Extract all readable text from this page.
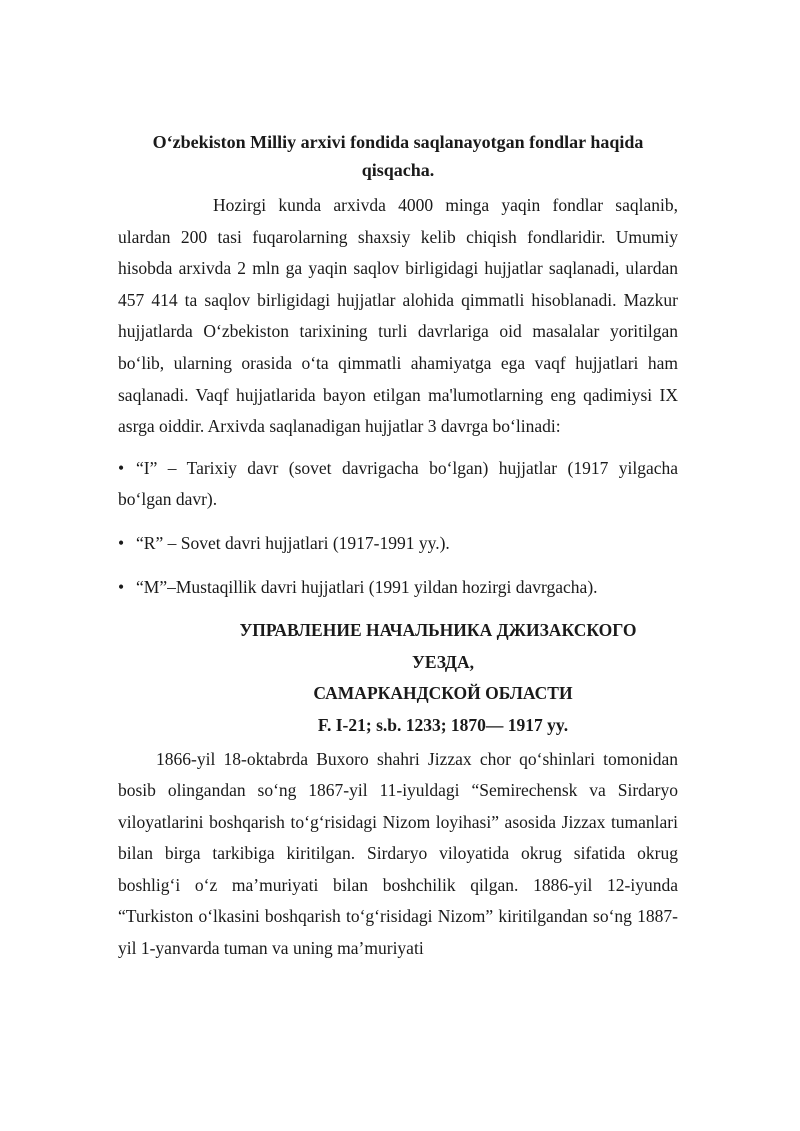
O‘zbekiston Milliy arxivi fondida saqlanayotgan fondlar haqida
qisqacha.

Hozirgi kunda arxivda 4000 minga yaqin fondlar saqlanib, ulardan 200 tasi fuqarolarning shaxsiy kelib chiqish fondlaridir. Umumiy hisobda arxivda 2 mln ga yaqin saqlov birligidagi hujjatlar saqlanadi, ulardan 457 414 ta saqlov birligidagi hujjatlar alohida qimmatli hisoblanadi. Mazkur hujjatlarda O‘zbekiston tarixining turli davrlariga oid masalalar yoritilgan bo‘lib, ularning orasida o‘ta qimmatli ahamiyatga ega vaqf hujjatlari ham saqlanadi. Vaqf hujjatlarida bayon etilgan ma'lumotlarning eng qadimiysi IX asrga oiddir. Arxivda saqlanadigan hujjatlar 3 davrga bo‘linadi:

• “I” – Tarixiy davr (sovet davrigacha bo‘lgan) hujjatlar (1917 yilgacha bo‘lgan davr).
• “R” – Sovet davri hujjatlari (1917-1991 yy.).
• “M”–Mustaqillik davri hujjatlari (1991 yildan hozirgi davrgacha).
УПРАВЛЕНИЕ НАЧАЛЬНИКА ДЖИЗАКСКОГО
УЕЗДА,
САМАРКАНДСКОЙ ОБЛАСТИ
F. I-21; s.b. 1233; 1870— 1917 yy.

1866-yil 18-oktabrda Buxoro shahri Jizzax chor qo‘shinlari tomonidan bosib olingandan so‘ng 1867-yil 11-iyuldagi “Semirechensk va Sirdaryo viloyatlarini boshqarish to‘g‘risidagi Nizom loyihasi” asosida Jizzax tumanlari bilan birga tarkibiga kiritilgan. Sirdaryo viloyatida okrug sifatida okrug boshlig‘i o‘z ma’muriyati bilan boshchilik qilgan. 1886-yil 12-iyunda “Turkiston o‘lkasini boshqarish to‘g‘risidagi Nizom” kiritilgandan so‘ng 1887-yil 1-yanvarda tuman va uning ma’muriyati
